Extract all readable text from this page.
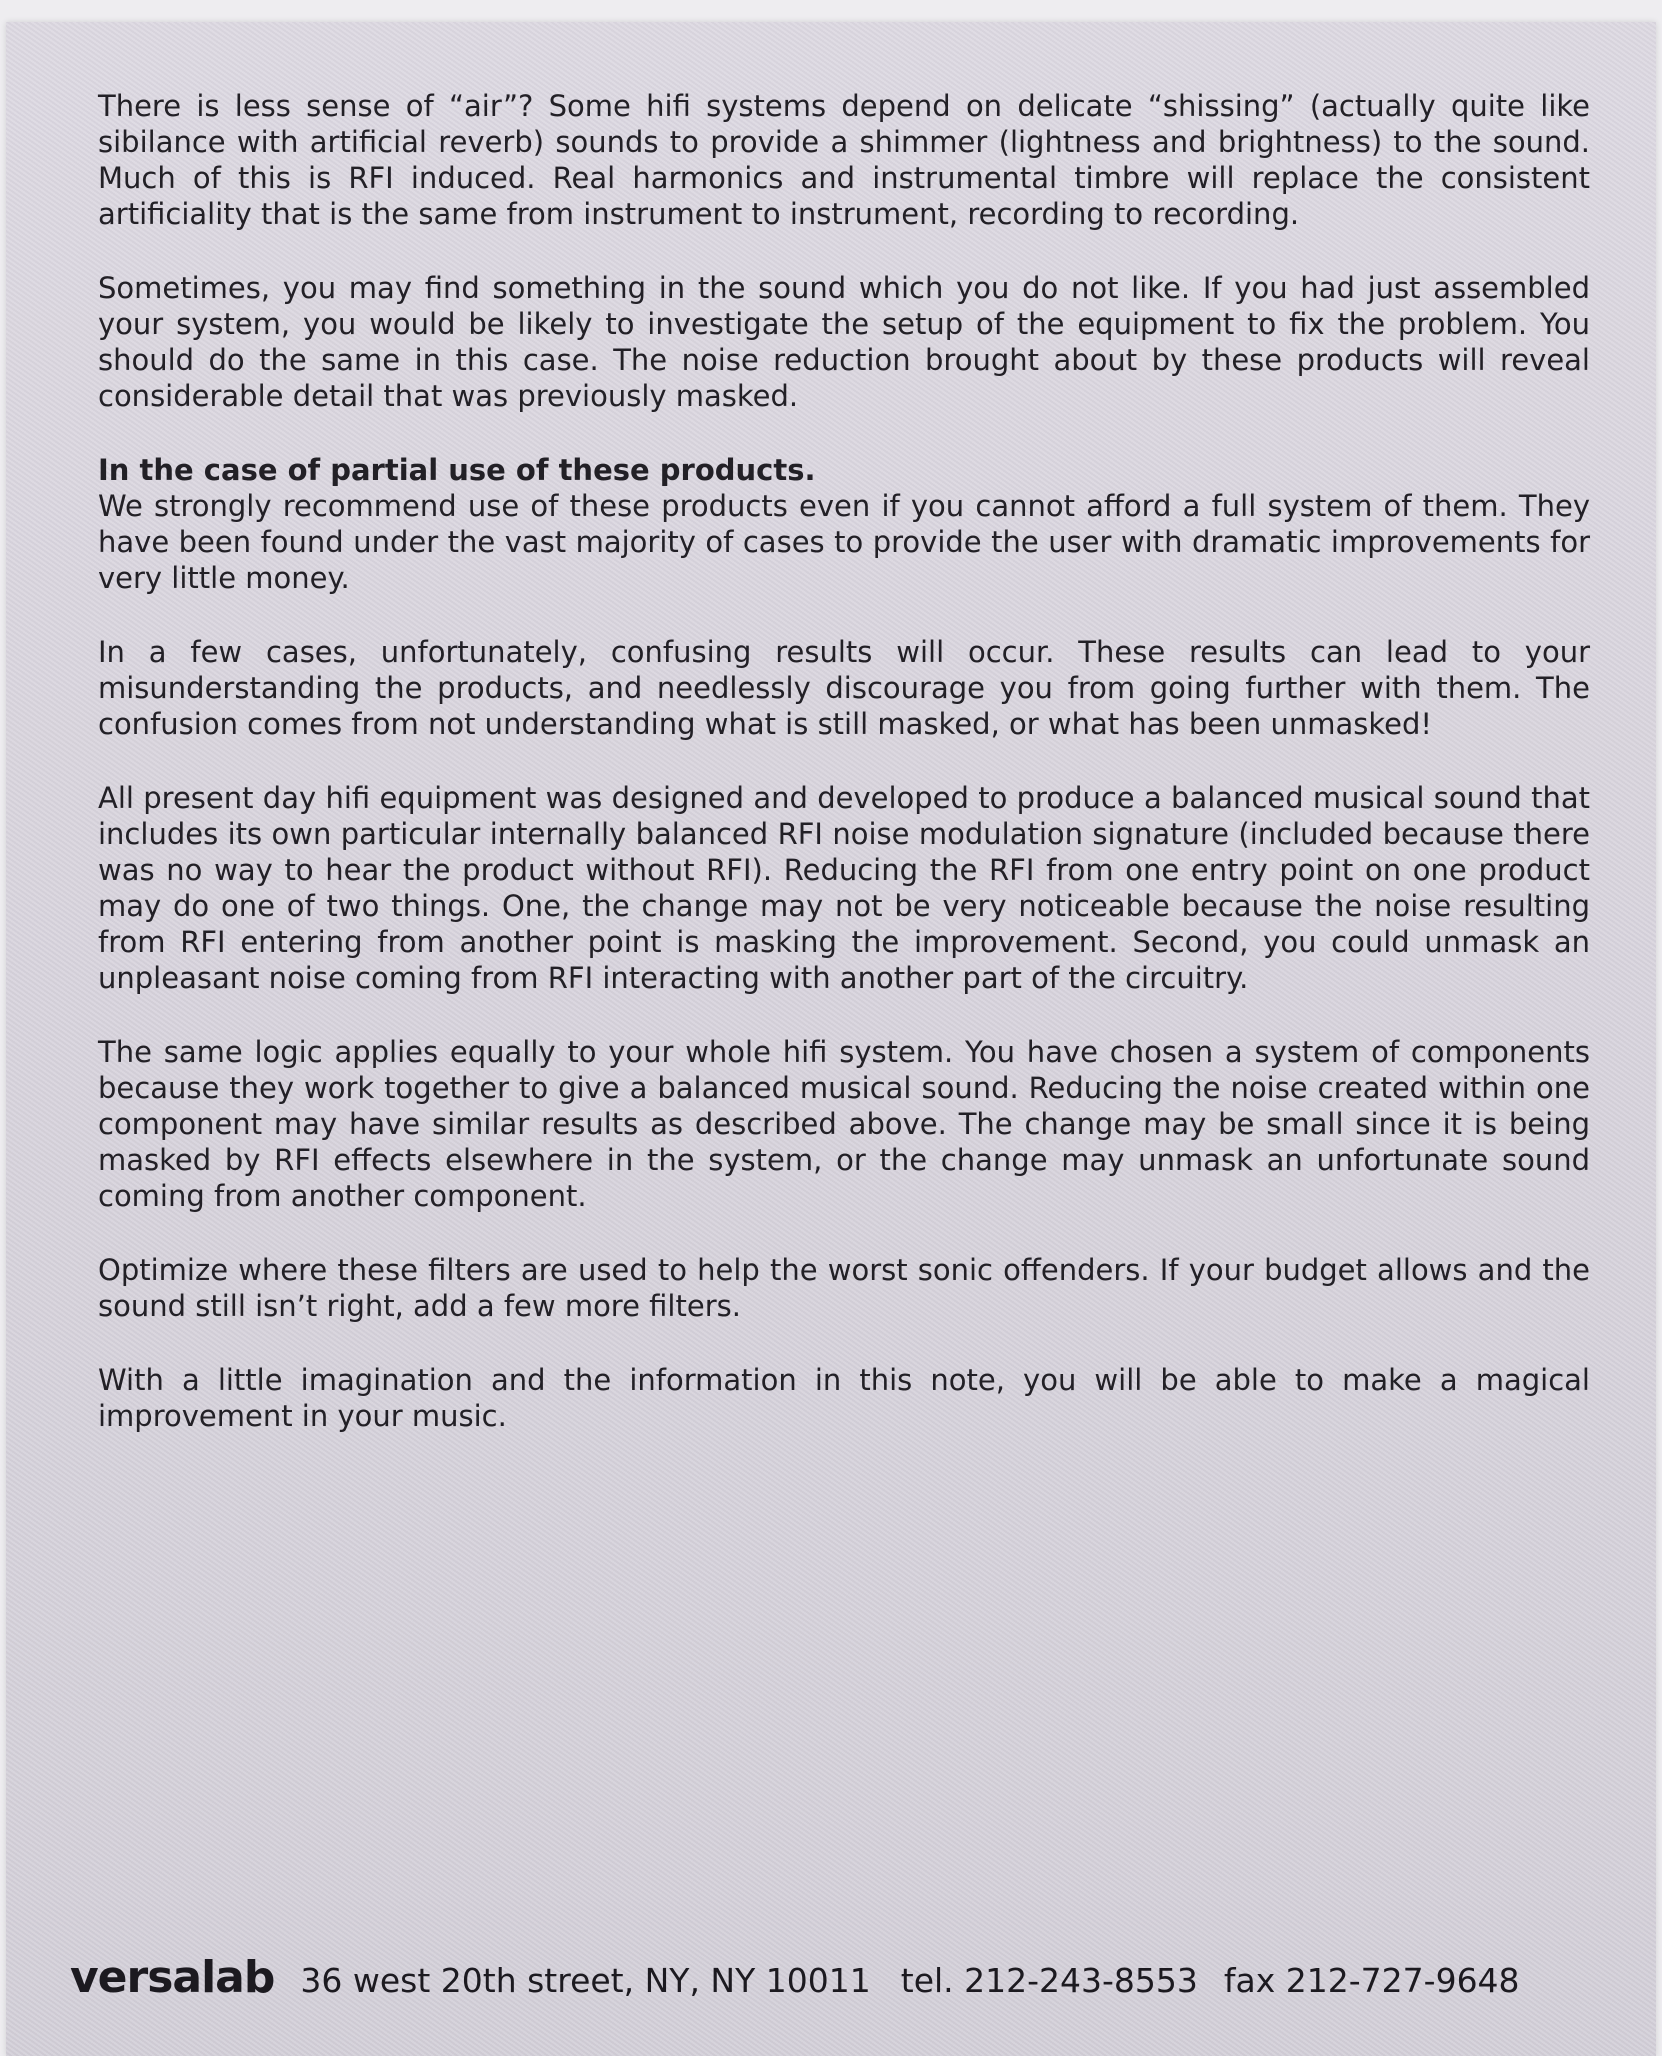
There is less sense of “air”? Some hifi systems depend on delicate “shissing” (actually quite like sibilance with artificial reverb) sounds to provide a shimmer (lightness and brightness) to the sound. Much of this is RFI induced. Real harmonics and instrumental timbre will replace the consistent artificiality that is the same from instrument to instrument, recording to recording.

Sometimes, you may find something in the sound which you do not like. If you had just assembled your system, you would be likely to investigate the setup of the equipment to fix the problem. You should do the same in this case. The noise reduction brought about by these products will reveal considerable detail that was previously masked.

In the case of partial use of these products.
We strongly recommend use of these products even if you cannot afford a full system of them. They have been found under the vast majority of cases to provide the user with dramatic improvements for very little money.

In a few cases, unfortunately, confusing results will occur. These results can lead to your misunderstanding the products, and needlessly discourage you from going further with them. The confusion comes from not understanding what is still masked, or what has been unmasked!

All present day hifi equipment was designed and developed to produce a balanced musical sound that includes its own particular internally balanced RFI noise modulation signature (included because there was no way to hear the product without RFI). Reducing the RFI from one entry point on one product may do one of two things. One, the change may not be very noticeable because the noise resulting from RFI entering from another point is masking the improvement. Second, you could unmask an unpleasant noise coming from RFI interacting with another part of the circuitry.

The same logic applies equally to your whole hifi system. You have chosen a system of components because they work together to give a balanced musical sound. Reducing the noise created within one component may have similar results as described above. The change may be small since it is being masked by RFI effects elsewhere in the system, or the change may unmask an unfortunate sound coming from another component.

Optimize where these filters are used to help the worst sonic offenders. If your budget allows and the sound still isn’t right, add a few more filters.

With a little imagination and the information in this note, you will be able to make a magical improvement in your music.

versalab 36 west 20th street, NY, NY 10011 tel. 212-243-8553 fax 212-727-9648
